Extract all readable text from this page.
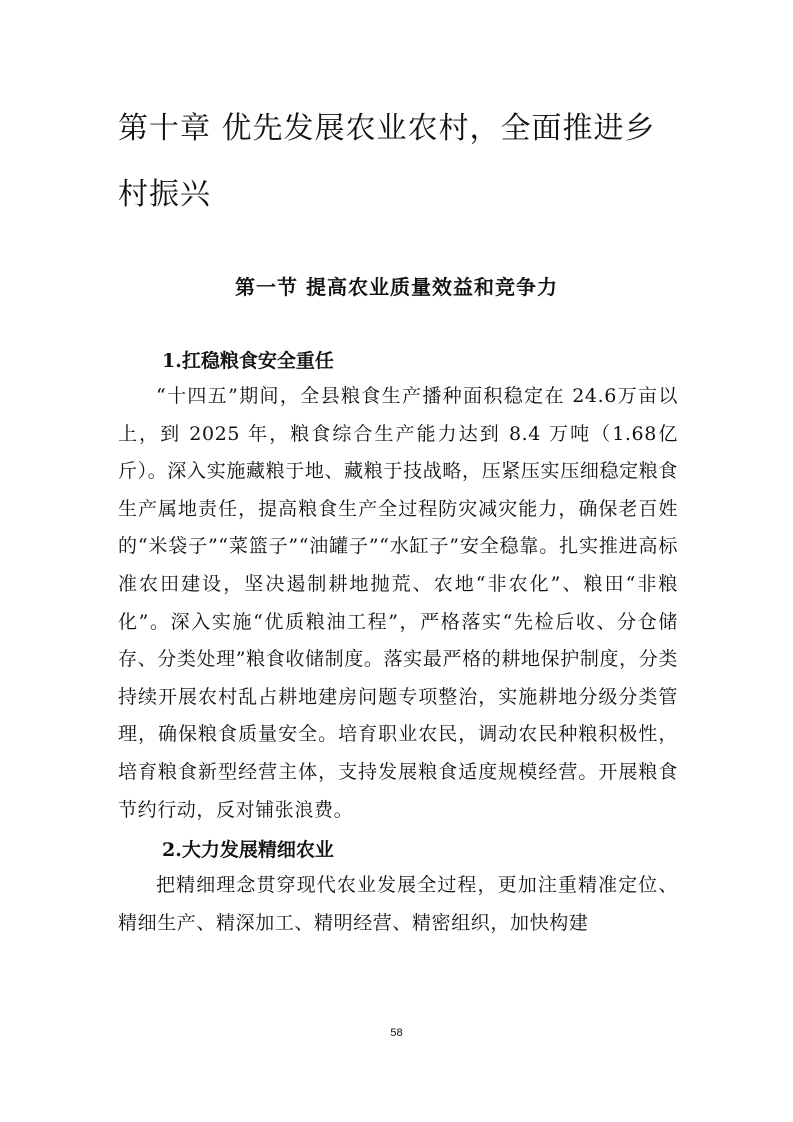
第十章 优先发展农业农村，全面推进乡村振兴
第一节 提高农业质量效益和竞争力
1.扛稳粮食安全重任

“十四五”期间，全县粮食生产播种面积稳定在 24.6万亩以上，到 2025 年，粮食综合生产能力达到 8.4 万吨（1.68亿斤）。深入实施藏粮于地、藏粮于技战略，压紧压实压细稳定粮食生产属地责任，提高粮食生产全过程防灾减灾能力，确保老百姓的“米袋子”“菜篮子”“油罐子”“水缸子”安全稳靠。扎实推进高标准农田建设，坚决遏制耕地抛荒、农地“非农化”、粮田“非粮化”。深入实施“优质粮油工程”，严格落实“先检后收、分仓储存、分类处理”粮食收储制度。落实最严格的耕地保护制度，分类持续开展农村乱占耕地建房问题专项整治，实施耕地分级分类管理，确保粮食质量安全。培育职业农民，调动农民种粮积极性，培育粮食新型经营主体，支持发展粮食适度规模经营。开展粮食节约行动，反对铺张浪费。

2.大力发展精细农业

把精细理念贯穿现代农业发展全过程，更加注重精准定位、精细生产、精深加工、精明经营、精密组织，加快构建

58
